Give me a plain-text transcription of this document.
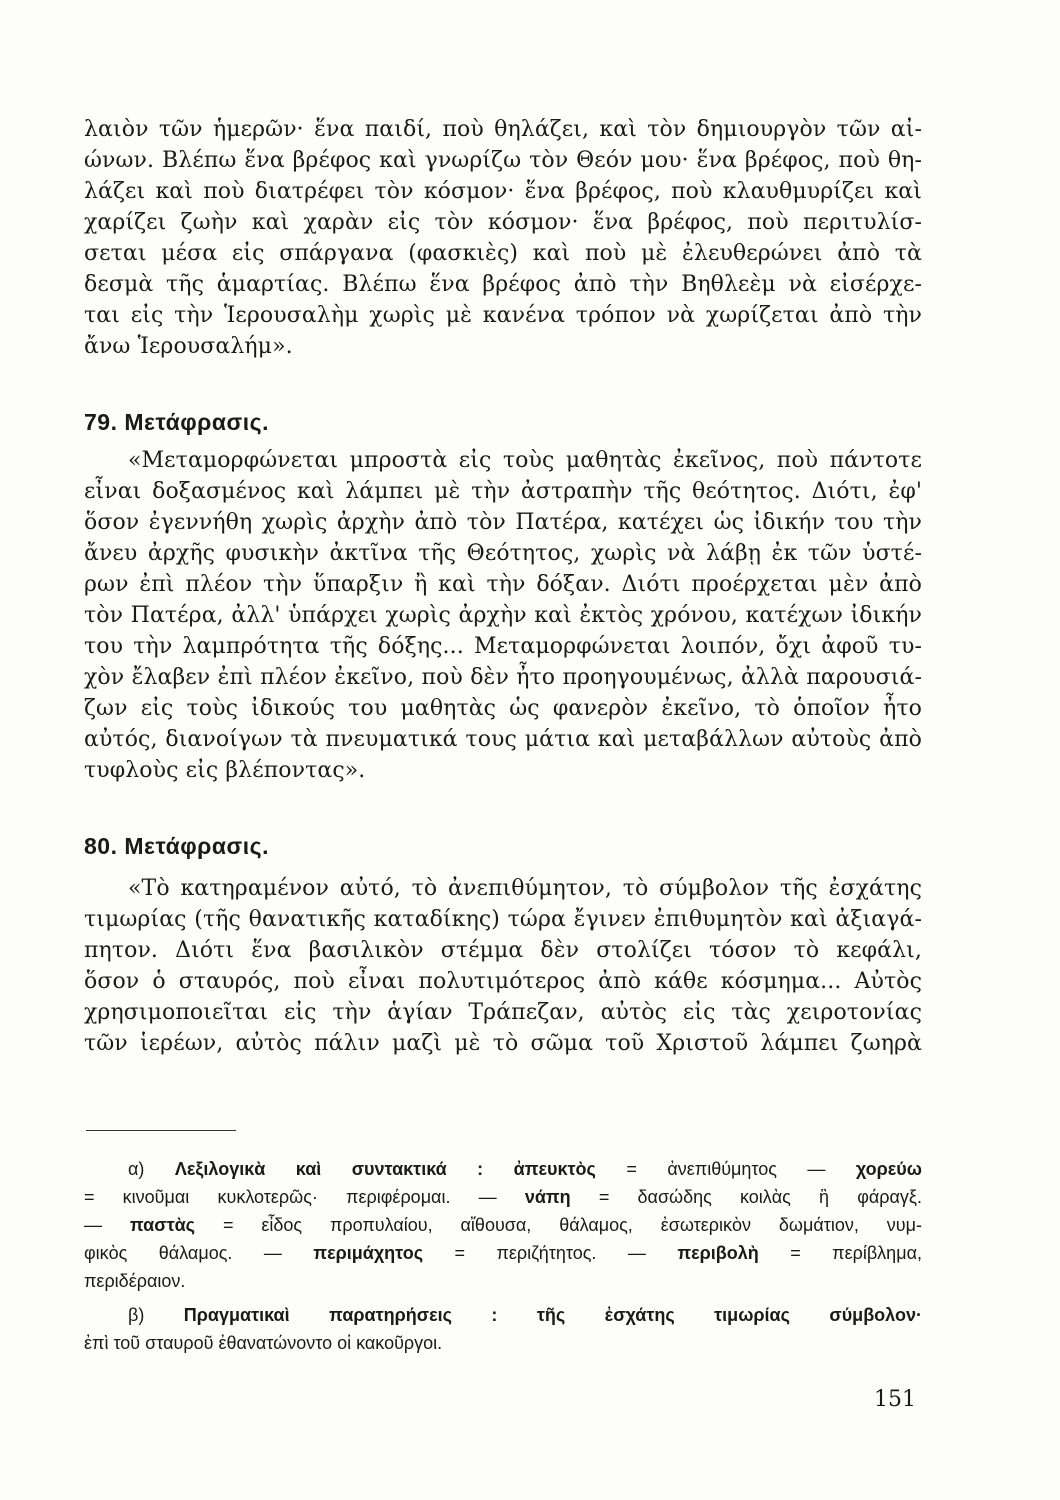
λαιὸν τῶν ἡμερῶν· ἕνα παιδί, ποὺ θηλάζει, καὶ τὸν δημιουργὸν τῶν αἰ-

ώνων. Βλέπω ἕνα βρέφος καὶ γνωρίζω τὸν Θεόν μου· ἕνα βρέφος, ποὺ θη-

λάζει καὶ ποὺ διατρέφει τὸν κόσμον· ἕνα βρέφος, ποὺ κλαυθμυρίζει καὶ

χαρίζει ζωὴν καὶ χαρὰν εἰς τὸν κόσμον· ἕνα βρέφος, ποὺ περιτυλίσ-

σεται μέσα εἰς σπάργανα (φασκιὲς) καὶ ποὺ μὲ ἐλευθερώνει ἀπὸ τὰ

δεσμὰ τῆς ἁμαρτίας. Βλέπω ἕνα βρέφος ἀπὸ τὴν Βηθλεὲμ νὰ εἰσέρχε-

ται εἰς τὴν Ἱερουσαλὴμ χωρὶς μὲ κανένα τρόπον νὰ χωρίζεται ἀπὸ τὴν

ἄνω Ἱερουσαλήμ».

79. Μετάφρασις.

«Μεταμορφώνεται μπροστὰ εἰς τοὺς μαθητὰς ἐκεῖνος, ποὺ πάντοτε

εἶναι δοξασμένος καὶ λάμπει μὲ τὴν ἀστραπὴν τῆς θεότητος. Διότι, ἐφ'

ὅσον ἐγεννήθη χωρὶς ἀρχὴν ἀπὸ τὸν Πατέρα, κατέχει ὡς ἰδικήν του τὴν

ἄνευ ἀρχῆς φυσικὴν ἀκτῖνα τῆς Θεότητος, χωρὶς νὰ λάβῃ ἐκ τῶν ὑστέ-

ρων ἐπὶ πλέον τὴν ὕπαρξιν ἢ καὶ τὴν δόξαν. Διότι προέρχεται μὲν ἀπὸ

τὸν Πατέρα, ἀλλ' ὑπάρχει χωρὶς ἀρχὴν καὶ ἐκτὸς χρόνου, κατέχων ἰδικήν

του τὴν λαμπρότητα τῆς δόξης... Μεταμορφώνεται λοιπόν, ὄχι ἀφοῦ τυ-

χὸν ἔλαβεν ἐπὶ πλέον ἐκεῖνο, ποὺ δὲν ἦτο προηγουμένως, ἀλλὰ παρουσιά-

ζων εἰς τοὺς ἰδικούς του μαθητὰς ὡς φανερὸν ἐκεῖνο, τὸ ὁποῖον ἦτο

αὐτός, διανοίγων τὰ πνευματικά τους μάτια καὶ μεταβάλλων αὐτοὺς ἀπὸ

τυφλοὺς εἰς βλέποντας».

80. Μετάφρασις.

«Τὸ κατηραμένον αὐτό, τὸ ἀνεπιθύμητον, τὸ σύμβολον τῆς ἐσχάτης

τιμωρίας (τῆς θανατικῆς καταδίκης) τώρα ἔγινεν ἐπιθυμητὸν καὶ ἀξιαγά-

πητον. Διότι ἕνα βασιλικὸν στέμμα δὲν στολίζει τόσον τὸ κεφάλι,

ὅσον ὁ σταυρός, ποὺ εἶναι πολυτιμότερος ἀπὸ κάθε κόσμημα... Αὐτὸς

χρησιμοποιεῖται εἰς τὴν ἁγίαν Τράπεζαν, αὐτὸς εἰς τὰς χειροτονίας

τῶν ἱερέων, αὐτὸς πάλιν μαζὶ μὲ τὸ σῶμα τοῦ Χριστοῦ λάμπει ζωηρὰ

α) Λεξιλογικὰ καὶ συντακτικά : ἀπευκτὸς = ἀνεπιθύμητος — χορεύω

= κινοῦμαι κυκλοτερῶς· περιφέρομαι. — νάπη = δασώδης κοιλὰς ἢ φάραγξ.

— παστὰς = εἶδος προπυλαίου, αἴθουσα, θάλαμος, ἐσωτερικὸν δωμάτιον, νυμ-

φικὸς θάλαμος. — περιμάχητος = περιζήτητος. — περιβολὴ = περίβλημα,

περιδέραιον.

β) Πραγματικαὶ παρατηρήσεις : τῆς ἐσχάτης τιμωρίας σύμβολον·

ἐπὶ τοῦ σταυροῦ ἐθανατώνοντο οἱ κακοῦργοι.

151
